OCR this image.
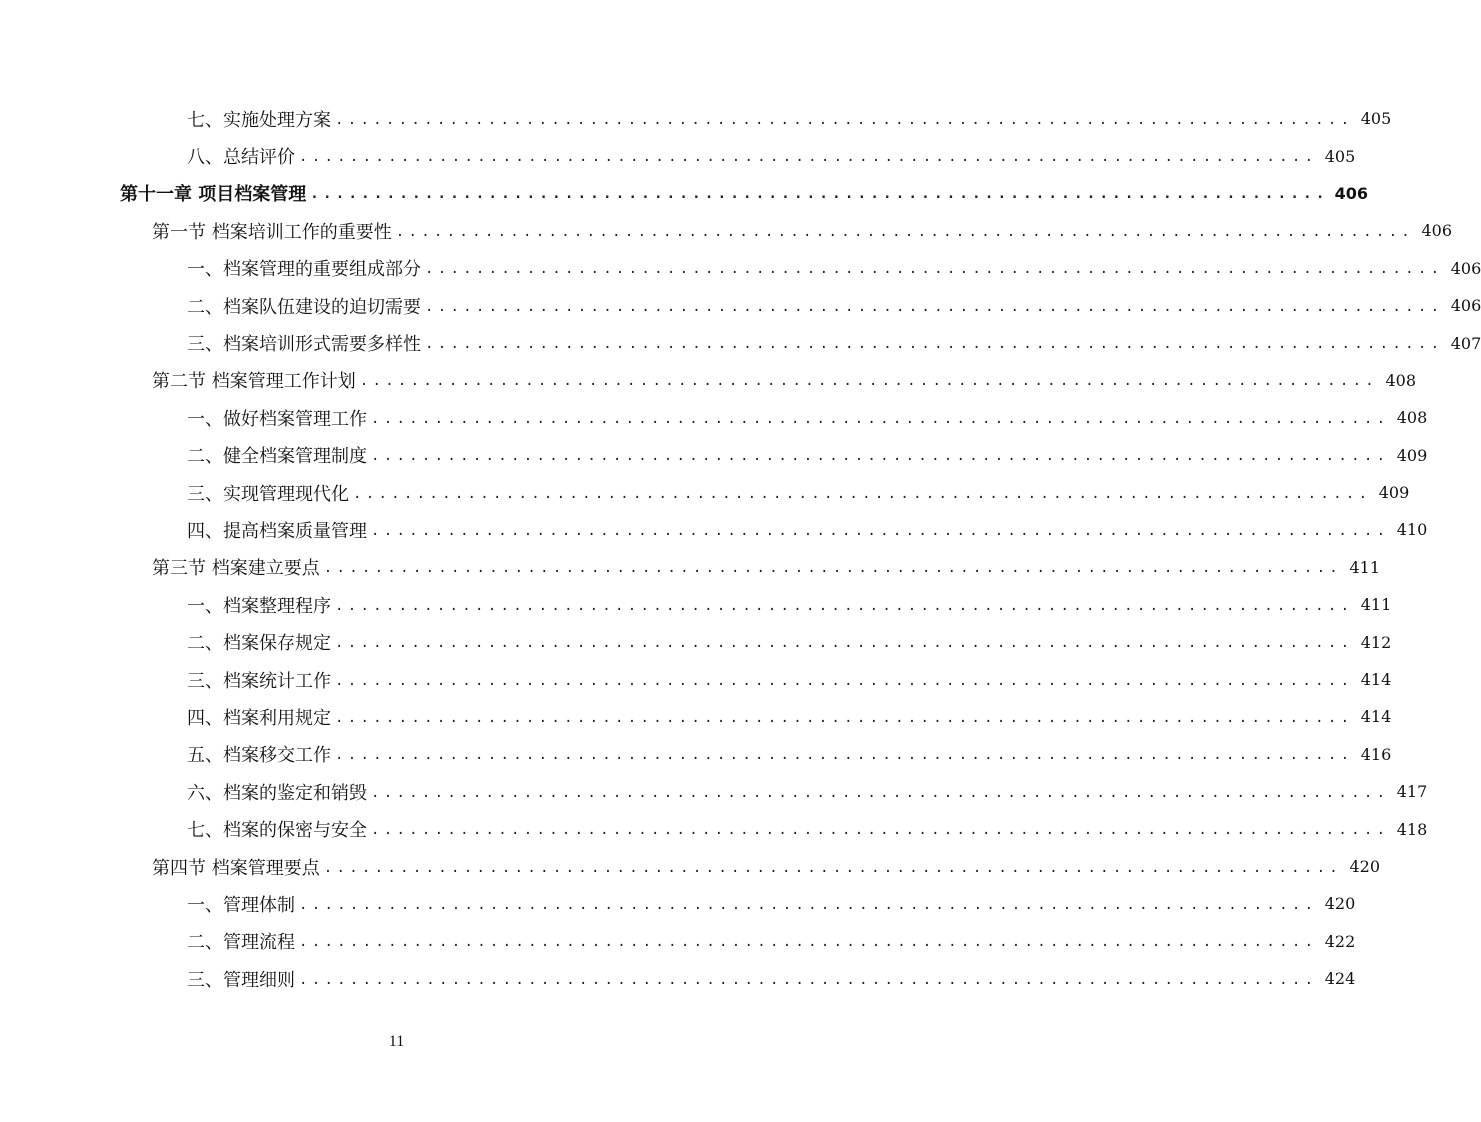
七、实施处理方案 ................................................................................ 405
八、总结评价 ................................................................................ 405
第十一章 项目档案管理 ................................................................................ 406
第一节 档案培训工作的重要性 ................................................................................ 406
一、档案管理的重要组成部分 ................................................................................ 406
二、档案队伍建设的迫切需要 ................................................................................ 406
三、档案培训形式需要多样性 ................................................................................ 407
第二节 档案管理工作计划 ................................................................................ 408
一、做好档案管理工作 ................................................................................ 408
二、健全档案管理制度 ................................................................................ 409
三、实现管理现代化 ................................................................................ 409
四、提高档案质量管理 ................................................................................ 410
第三节 档案建立要点 ................................................................................ 411
一、档案整理程序 ................................................................................ 411
二、档案保存规定 ................................................................................ 412
三、档案统计工作 ................................................................................ 414
四、档案利用规定 ................................................................................ 414
五、档案移交工作 ................................................................................ 416
六、档案的鉴定和销毁 ................................................................................ 417
七、档案的保密与安全 ................................................................................ 418
第四节 档案管理要点 ................................................................................ 420
一、管理体制 ................................................................................ 420
二、管理流程 ................................................................................ 422
三、管理细则 ................................................................................ 424
11
